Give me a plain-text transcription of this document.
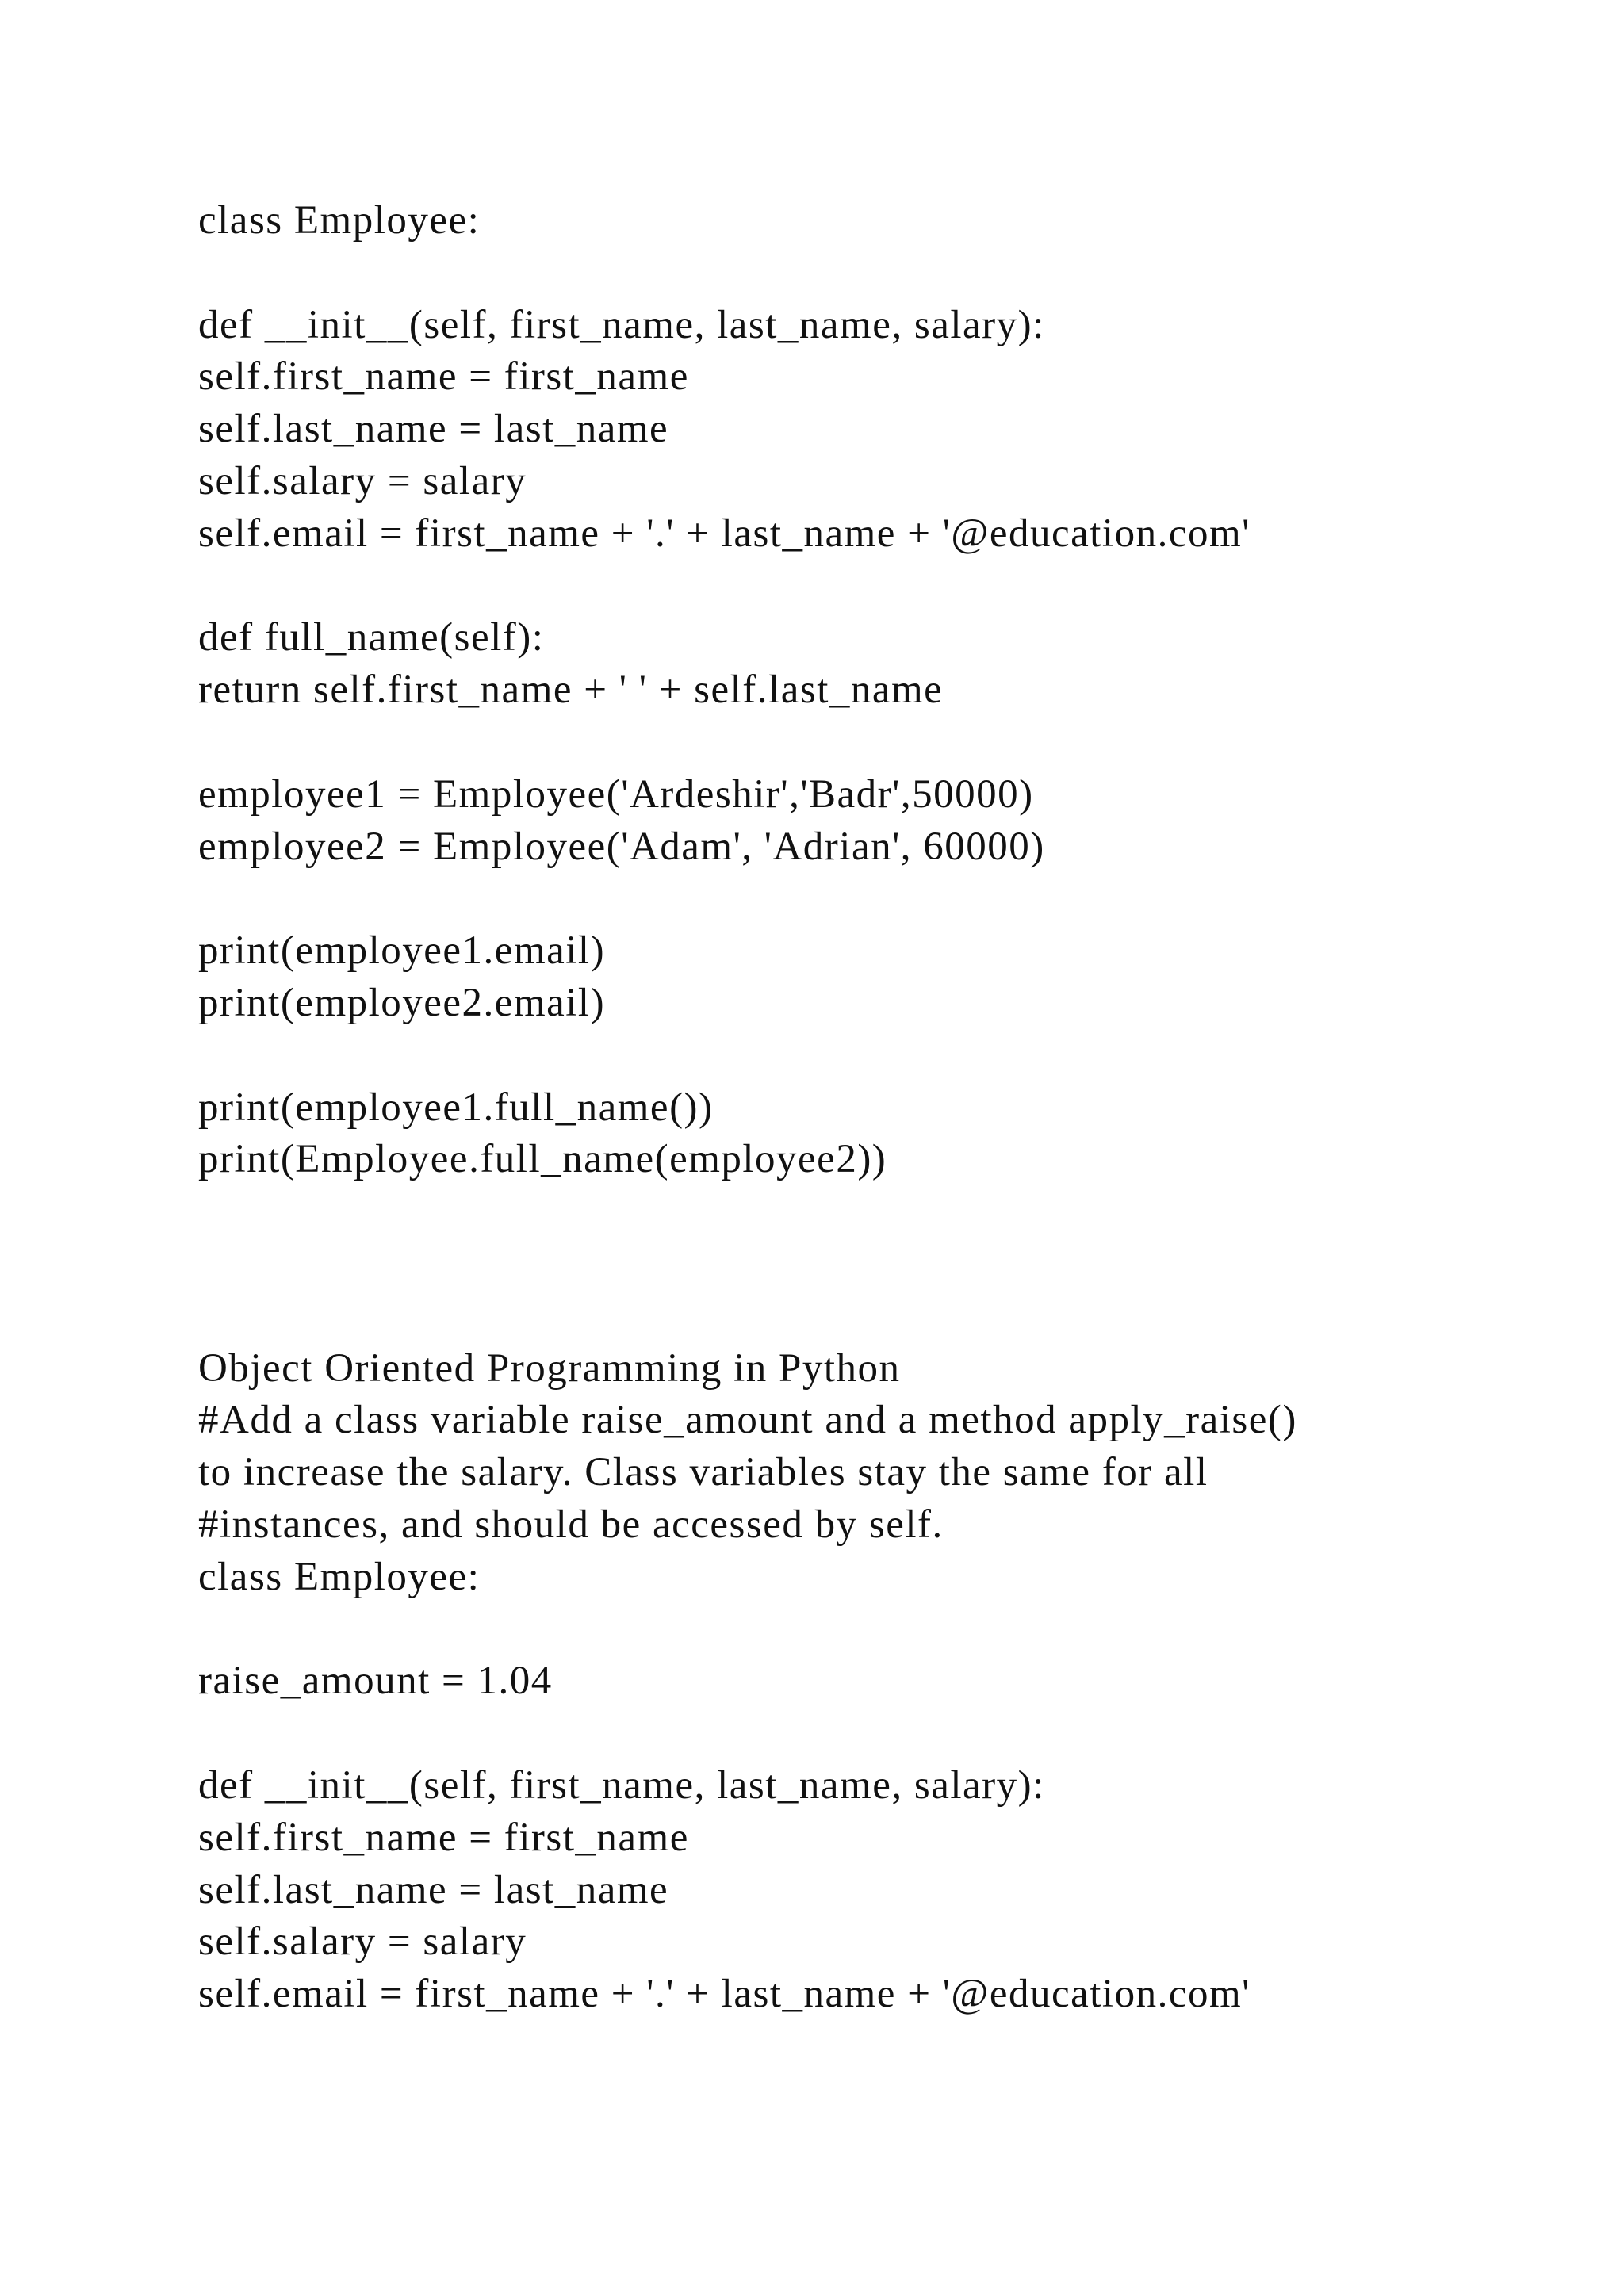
class Employee:
def __init__(self, first_name, last_name, salary):
self.first_name = first_name
self.last_name = last_name
self.salary = salary
self.email = first_name + '.' + last_name + '@education.com'
def full_name(self):
return self.first_name + ' ' + self.last_name
employee1 = Employee('Ardeshir','Badr',50000)
employee2 = Employee('Adam', 'Adrian', 60000)
print(employee1.email)
print(employee2.email)
print(employee1.full_name())
print(Employee.full_name(employee2))
Object Oriented Programming in Python
#Add a class variable raise_amount and a method apply_raise()
to increase the salary. Class variables stay the same for all
#instances, and should be accessed by self.
class Employee:
raise_amount = 1.04
def __init__(self, first_name, last_name, salary):
self.first_name = first_name
self.last_name = last_name
self.salary = salary
self.email = first_name + '.' + last_name + '@education.com'
